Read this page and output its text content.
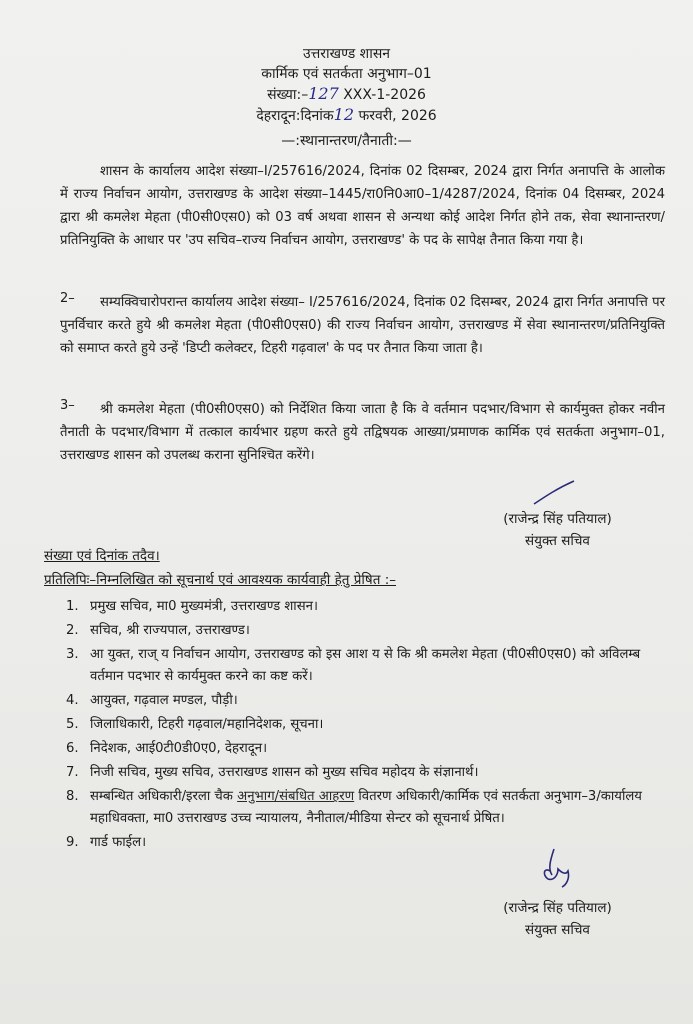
उत्तराखण्ड शासन
कार्मिक एवं सतर्कता अनुभाग–01
संख्या:–127 XXX-1-2026
देहरादून:दिनांक12 फरवरी, 2026
—:स्थानान्तरण/तैनाती:—
शासन के कार्यालय आदेश संख्या–I/257616/2024, दिनांक 02 दिसम्बर, 2024 द्वारा निर्गत अनापत्ति के आलोक में राज्य निर्वाचन आयोग, उत्तराखण्ड के आदेश संख्या–1445/रा0नि0आ0–1/4287/2024, दिनांक 04 दिसम्बर, 2024 द्वारा श्री कमलेश मेहता (पी0सी0एस0) को 03 वर्ष अथवा शासन से अन्यथा कोई आदेश निर्गत होने तक, सेवा स्थानान्तरण/प्रतिनियुक्ति के आधार पर 'उप सचिव–राज्य निर्वाचन आयोग, उत्तराखण्ड' के पद के सापेक्ष तैनात किया गया है।
2–	सम्यक्विचारोपरान्त कार्यालय आदेश संख्या– I/257616/2024, दिनांक 02 दिसम्बर, 2024 द्वारा निर्गत अनापत्ति पर पुनर्विचार करते हुये श्री कमलेश मेहता (पी0सी0एस0) की राज्य निर्वाचन आयोग, उत्तराखण्ड में सेवा स्थानान्तरण/प्रतिनियुक्ति को समाप्त करते हुये उन्हें 'डिप्टी कलेक्टर, टिहरी गढ़वाल' के पद पर तैनात किया जाता है।
3–	श्री कमलेश मेहता (पी0सी0एस0) को निर्देशित किया जाता है कि वे वर्तमान पदभार/विभाग से कार्यमुक्त होकर नवीन तैनाती के पदभार/विभाग में तत्काल कार्यभार ग्रहण करते हुये तद्विषयक आख्या/प्रमाणक कार्मिक एवं सतर्कता अनुभाग–01, उत्तराखण्ड शासन को उपलब्ध कराना सुनिश्चित करेंगे।
(राजेन्द्र सिंह पतियाल)
संयुक्त सचिव
संख्या एवं दिनांक तदैव।
प्रतिलिपिः–निम्नलिखित को सूचनार्थ एवं आवश्यक कार्यवाही हेतु प्रेषित :–
1. प्रमुख सचिव, मा0 मुख्यमंत्री, उत्तराखण्ड शासन।
2. सचिव, श्री राज्यपाल, उत्तराखण्ड।
3. आ युक्त, राज् य निर्वाचन आयोग, उत्तराखण्ड को इस आश य से कि श्री कमलेश मेहता (पी0सी0एस0) को अविलम्ब वर्तमान पदभार से कार्यमुक्त करने का कष्ट करें।
4. आयुक्त, गढ़वाल मण्डल, पौड़ी।
5. जिलाधिकारी, टिहरी गढ़वाल/महानिदेशक, सूचना।
6. निदेशक, आई0टी0डी0ए0, देहरादून।
7. निजी सचिव, मुख्य सचिव, उत्तराखण्ड शासन को मुख्य सचिव महोदय के संज्ञानार्थ।
8. सम्बन्धित अधिकारी/इरला चैक अनुभाग/संबधित आहरण वितरण अधिकारी/कार्मिक एवं सतर्कता अनुभाग–3/कार्यालय महाधिवक्ता, मा0 उत्तराखण्ड उच्च न्यायालय, नैनीताल/मीडिया सेन्टर को सूचनार्थ प्रेषित।
9. गार्ड फाईल।
(राजेन्द्र सिंह पतियाल)
संयुक्त सचिव
